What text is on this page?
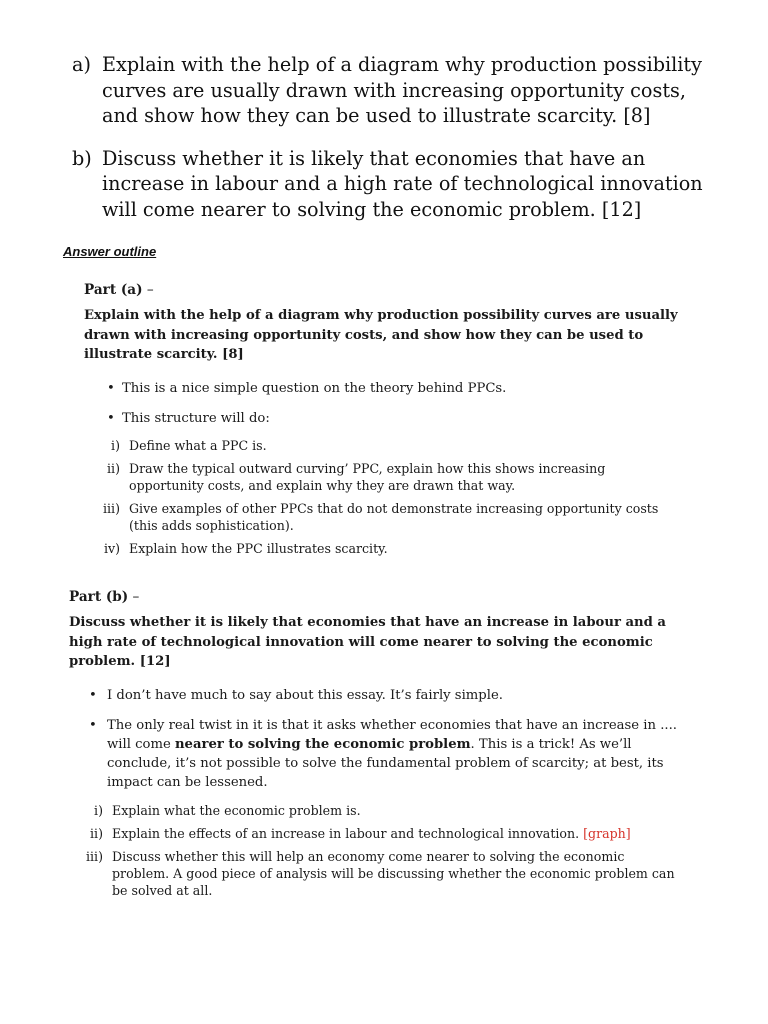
a) Explain with the help of a diagram why production possibility curves are usually drawn with increasing opportunity costs, and show how they can be used to illustrate scarcity. [8]
b) Discuss whether it is likely that economies that have an increase in labour and a high rate of technological innovation will come nearer to solving the economic problem. [12]
Answer outline
Part (a) –
Explain with the help of a diagram why production possibility curves are usually drawn with increasing opportunity costs, and show how they can be used to illustrate scarcity. [8]
• This is a nice simple question on the theory behind PPCs.
• This structure will do:
i) Define what a PPC is.
ii) Draw the typical outward curving’ PPC, explain how this shows increasing opportunity costs, and explain why they are drawn that way.
iii) Give examples of other PPCs that do not demonstrate increasing opportunity costs (this adds sophistication).
iv) Explain how the PPC illustrates scarcity.
Part (b) –
Discuss whether it is likely that economies that have an increase in labour and a high rate of technological innovation will come nearer to solving the economic problem. [12]
• I don’t have much to say about this essay. It’s fairly simple.
• The only real twist in it is that it asks whether economies that have an increase in .... will come nearer to solving the economic problem. This is a trick! As we’ll conclude, it’s not possible to solve the fundamental problem of scarcity; at best, its impact can be lessened.
i) Explain what the economic problem is.
ii) Explain the effects of an increase in labour and technological innovation. [graph]
iii) Discuss whether this will help an economy come nearer to solving the economic problem. A good piece of analysis will be discussing whether the economic problem can be solved at all.
